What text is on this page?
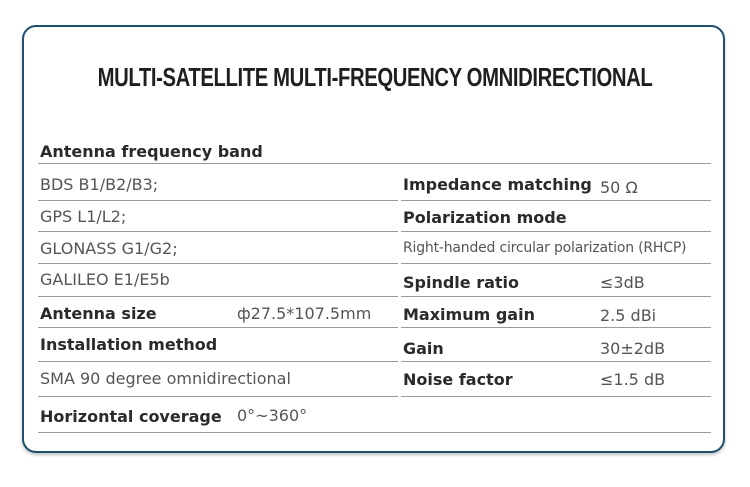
MULTI-SATELLITE MULTI-FREQUENCY OMNIDIRECTIONAL
Antenna frequency band
BDS B1/B2/B3;
GPS L1/L2;
GLONASS G1/G2;
GALILEO E1/E5b
Antenna size	ф27.5*107.5mm
Installation method
SMA 90 degree omnidirectional
Horizontal coverage 0°~360°
Impedance matching 50 Ω
Polarization mode
Right-handed circular polarization (RHCP)
Spindle ratio	≤3dB
Maximum gain	2.5 dBi
Gain	30±2dB
Noise factor	≤1.5 dB
